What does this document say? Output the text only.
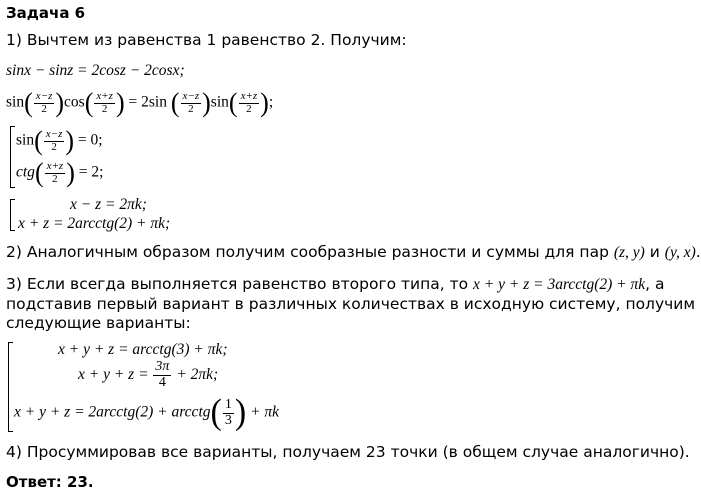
Задача 6
1) Вычтем из равенства 1 равенство 2. Получим:
sinx − sinz = 2cosz − 2cosx;
$\sin( \frac{x-z}{2} )\cos( \frac{x+z}{2}$ ) = 2sin ( $\frac{x-z}{2} )\sin( \frac{x+z}{2}$ );
$\sin( \frac{x-z}{2}$ ) = 0;
$ctg( \frac{x+z}{2}$ ) = 2;
x − z = 2πk;
x + z = 2arcctg(2) + πk;
2) Аналогичным образом получим сообразные разности и суммы для пар (z, y) и (y, x).
3) Если всегда выполняется равенство второго типа, то x + y + z = 3arcctg(2) + πk, а
подставив первый вариант в различных количествах в исходную систему, получим
следующие варианты:
x + y + z = arcctg(3) + πk;
$x + y + z = \frac{3\pi}{4} + 2\pi k$;
x + y + z = 2arcctg(2) + arcctg( $\frac{1}{3}$ ) + πk
4) Просуммировав все варианты, получаем 23 точки (в общем случае аналогично).
Ответ: 23.
